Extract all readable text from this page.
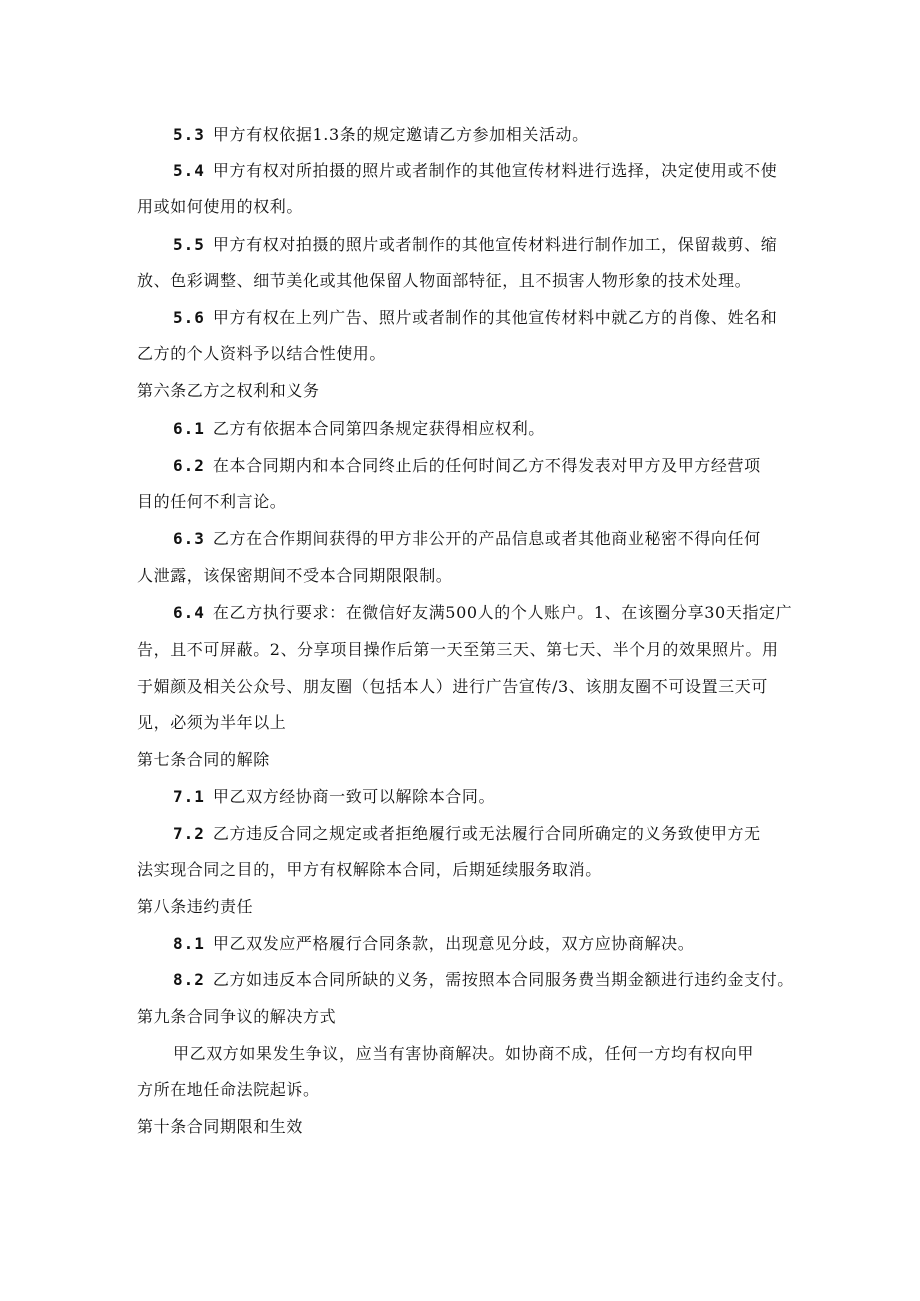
5.3 甲方有权依据1.3条的规定邀请乙方参加相关活动。
5.4 甲方有权对所拍摄的照片或者制作的其他宣传材料进行选择，决定使用或不使
用或如何使用的权利。
5.5 甲方有权对拍摄的照片或者制作的其他宣传材料进行制作加工，保留裁剪、缩
放、色彩调整、细节美化或其他保留人物面部特征，且不损害人物形象的技术处理。
5.6 甲方有权在上列广告、照片或者制作的其他宣传材料中就乙方的肖像、姓名和
乙方的个人资料予以结合性使用。
第六条乙方之权利和义务
6.1 乙方有依据本合同第四条规定获得相应权利。
6.2 在本合同期内和本合同终止后的任何时间乙方不得发表对甲方及甲方经营项
目的任何不利言论。
6.3 乙方在合作期间获得的甲方非公开的产品信息或者其他商业秘密不得向任何
人泄露，该保密期间不受本合同期限限制。
6.4 在乙方执行要求：在微信好友满500人的个人账户。1、在该圈分享30天指定广
告，且不可屏蔽。2、分享项目操作后第一天至第三天、第七天、半个月的效果照片。用
于媚颜及相关公众号、朋友圈（包括本人）进行广告宣传/3、该朋友圈不可设置三天可
见，必须为半年以上
第七条合同的解除
7.1 甲乙双方经协商一致可以解除本合同。
7.2 乙方违反合同之规定或者拒绝履行或无法履行合同所确定的义务致使甲方无
法实现合同之目的，甲方有权解除本合同，后期延续服务取消。
第八条违约责任
8.1 甲乙双发应严格履行合同条款，出现意见分歧，双方应协商解决。
8.2 乙方如违反本合同所缺的义务，需按照本合同服务费当期金额进行违约金支付。
第九条合同争议的解决方式
甲乙双方如果发生争议，应当有害协商解决。如协商不成，任何一方均有权向甲
方所在地任命法院起诉。
第十条合同期限和生效
